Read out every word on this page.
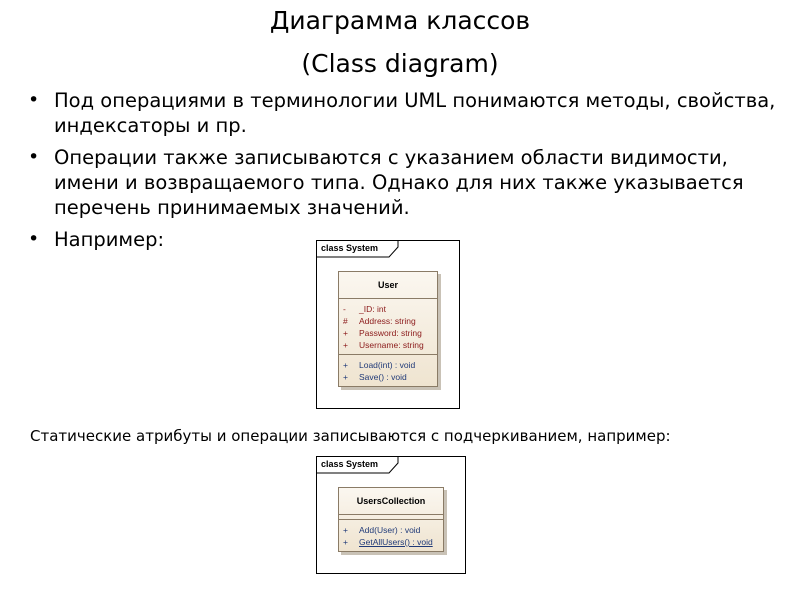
Диаграмма классов
(Class diagram)
• Под операциями в терминологии UML понимаются методы, свойства, индексаторы и пр.
• Операции также записываются с указанием области видимости, имени и возвращаемого типа. Однако для них также указывается перечень принимаемых значений.
• Например:	class System
User
- _ID: int
# Address: string
+ Password: string
+ Username: string
+ Load(int) : void
+ Save() : void
Статические атрибуты и операции записываются с подчеркиванием, например:
class System
UsersCollection
+ Add(User) : void
+ GetAllUsers() : void
